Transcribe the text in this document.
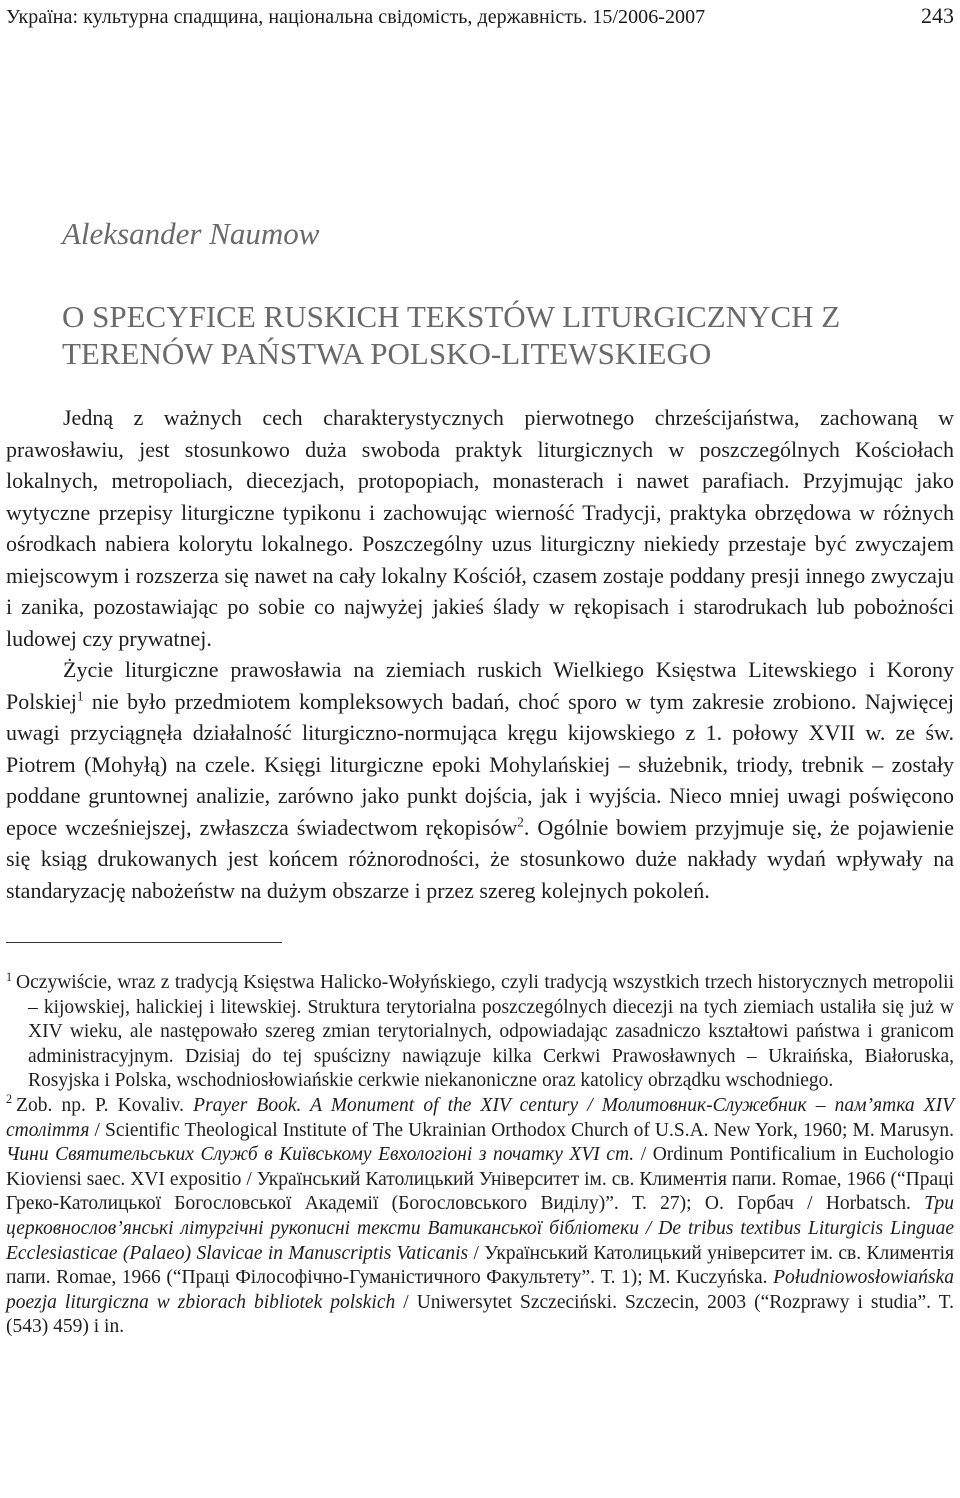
Україна: культурна спадщина, національна свідомість, державність. 15/2006-2007	243
Aleksander Naumow
O SPECYFICE RUSKICH TEKSTÓW LITURGICZNYCH Z
TERENÓW PAŃSTWA POLSKO-LITEWSKIEGO

Jedną z ważnych cech charakterystycznych pierwotnego chrześcijaństwa, zachowaną w prawosławiu, jest stosunkowo duża swoboda praktyk liturgicznych w poszczególnych Kościołach lokalnych, metropoliach, diecezjach, protopopiach, monasterach i nawet parafiach. Przyjmując jako wytyczne przepisy liturgiczne typikonu i zachowując wierność Tradycji, praktyka obrzędowa w różnych ośrodkach nabiera kolorytu lokalnego. Poszczególny uzus liturgiczny niekiedy przestaje być zwyczajem miejscowym i rozszerza się nawet na cały lokalny Kościół, czasem zostaje poddany presji innego zwyczaju i zanika, pozostawiając po sobie co najwyżej jakieś ślady w rękopisach i starodrukach lub pobożności ludowej czy prywatnej.

Życie liturgiczne prawosławia na ziemiach ruskich Wielkiego Księstwa Litewskiego i Korony Polskiej$^1$ nie było przedmiotem kompleksowych badań, choć sporo w tym zakresie zrobiono. Najwięcej uwagi przyciągnęła działalność liturgiczno-normująca kręgu kijowskiego z 1. połowy XVII w. ze św. Piotrem (Mohyłą) na czele. Księgi liturgiczne epoki Mohylańskiej – służebnik, triody, trebnik – zostały poddane gruntownej analizie, zarówno jako punkt dojścia, jak i wyjścia. Nieco mniej uwagi poświęcono epoce wcześniejszej, zwłaszcza świadectwom rękopisów$^2$. Ogólnie bowiem przyjmuje się, że pojawienie się ksiąg drukowanych jest końcem różnorodności, że stosunkowo duże nakłady wydań wpływały na standaryzację nabożeństw na dużym obszarze i przez szereg kolejnych pokoleń.

$^1$ Oczywiście, wraz z tradycją Księstwa Halicko-Wołyńskiego, czyli tradycją wszystkich trzech historycznych metropolii – kijowskiej, halickiej i litewskiej. Struktura terytorialna poszczególnych diecezji na tych ziemiach ustaliła się już w XIV wieku, ale następowało szereg zmian terytorialnych, odpowiadając zasadniczo kształtowi państwa i granicom administracyjnym. Dzisiaj do tej spuścizny nawiązuje kilka Cerkwi Prawosławnych – Ukraińska, Białoruska, Rosyjska i Polska, wschodniosłowiańskie cerkwie niekanoniczne oraz katolicy obrządku wschodniego.

$^2$ Zob. np. P. Kovaliv. Prayer Book. A Monument of the XIV century / Молитовник-Служебник – пам’ятка XIV століття / Scientific Theological Institute of The Ukrainian Orthodox Church of U.S.A. New York, 1960; M. Marusyn. Чини Святительських Служб в Київському Евхологіоні з початку XVI ст. / Ordinum Pontificalium in Euchologio Kioviensi saec. XVI expositio / Український Католицький Університет ім. св. Климентія папи. Romae, 1966 (“Праці Греко-Католицької Богословської Академії (Богословського Виділу)”. Т. 27); О. Горбач / Horbatsch. Три церковнослов’янські літургічні рукописні тексти Ватиканської бібліотеки / De tribus textibus Liturgicis Linguae Ecclesiasticae (Palaeo) Slavicae in Manuscriptis Vaticanis / Український Католицький університет ім. св. Климентія папи. Romae, 1966 (“Праці Філософічно-Гуманістичного Факультету”. Т. 1); M. Kuczyńska. Południowosłowiańska poezja liturgiczna w zbiorach bibliotek polskich / Uniwersytet Szczeciński. Szczecin, 2003 (“Rozprawy i studia”. T. (543) 459) i in.
